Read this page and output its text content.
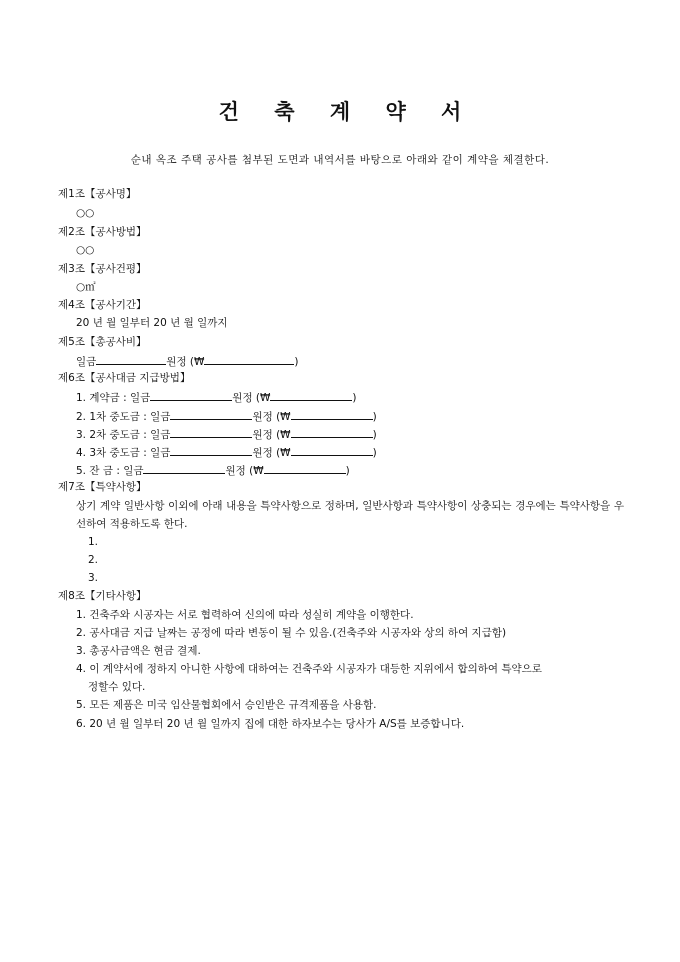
건 축 계 약 서
순내 옥조 주택 공사를 첨부된 도면과 내역서를 바탕으로 아래와 같이 계약을 체결한다.
제1조【공사명】
○○
제2조【공사방법】
○○
제3조【공사건평】
○㎡
제4조【공사기간】
20 년 월 일부터 20 년 월 일까지
제5조【총공사비】
일금	원정 (₩	)
제6조【공사대금 지급방법】
1. 계약금 : 일금	원정 (₩	)
2. 1차 중도금 : 일금	원정 (₩	)
3. 2차 중도금 : 일금	원정 (₩	)
4. 3차 중도금 : 일금	원정 (₩	)
5. 잔 금 : 일금	원정 (₩	)
제7조【특약사항】
상기 계약 일반사항 이외에 아래 내용을 특약사항으로 정하며, 일반사항과 특약사항이 상충되는 경우에는 특약사항을 우선하여 적용하도록 한다.
1.
2.
3.
제8조【기타사항】
1. 건축주와 시공자는 서로 협력하여 신의에 따라 성실히 계약을 이행한다.
2. 공사대금 지급 날짜는 공정에 따라 변동이 될 수 있음.(건축주와 시공자와 상의 하여 지급함)
3. 총공사금액은 현금 결제.
4. 이 계약서에 정하지 아니한 사항에 대하여는 건축주와 시공자가 대등한 지위에서 합의하여 특약으로
정할수 있다.
5. 모든 제품은 미국 임산물협회에서 승인받은 규격제품을 사용함.
6. 20 년 월 일부터 20 년 월 일까지 집에 대한 하자보수는 당사가 A/S를 보증합니다.
